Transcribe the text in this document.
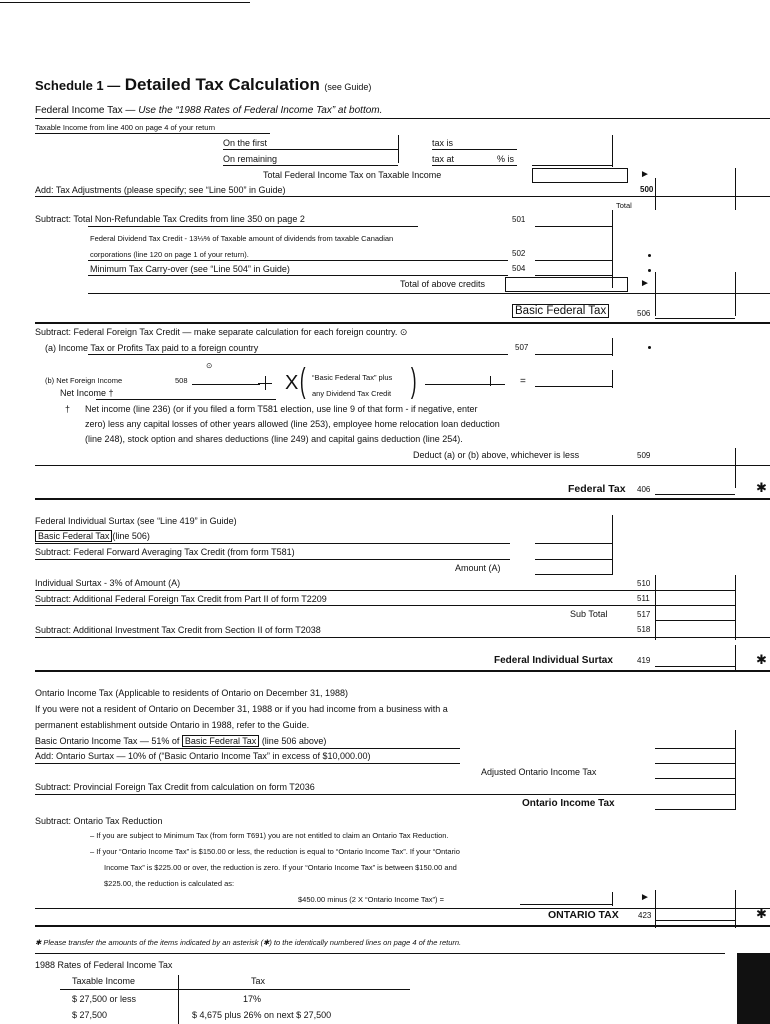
Schedule 1 — Detailed Tax Calculation (see Guide)
Federal Income Tax — Use the “1988 Rates of Federal Income Tax” at bottom.
Taxable Income from line 400 on page 4 of your return
On the first	tax is
On remaining	tax at	% is
Total Federal Income Tax on Taxable Income	►
Add: Tax Adjustments (please specify; see “Line 500” in Guide)	500
Total
Subtract: Total Non-Refundable Tax Credits from line 350 on page 2	501
Federal Dividend Tax Credit - 13⅓% of Taxable amount of dividends from taxable Canadian
corporations (line 120 on page 1 of your return).	502
Minimum Tax Carry-over (see “Line 504” in Guide)	504
Total of above credits	►
Basic Federal Tax	506
Subtract: Federal Foreign Tax Credit — make separate calculation for each foreign country. ⊙
(a) Income Tax or Profits Tax paid to a foreign country	507
⊙
(b) Net Foreign Income	508
Net Income †	X ( “Basic Federal Tax” plus
any Dividend Tax Credit )	=
† Net income (line 236) (or if you filed a form T581 election, use line 9 of that form - if negative, enter
zero) less any capital losses of other years allowed (line 253), employee home relocation loan deduction
(line 248), stock option and shares deductions (line 249) and capital gains deduction (line 254).
Deduct (a) or (b) above, whichever is less	509
Federal Tax 406	✱
Federal Individual Surtax (see “Line 419” in Guide)
Basic Federal Tax (line 506)
Subtract: Federal Forward Averaging Tax Credit (from form T581)
Amount (A)
Individual Surtax - 3% of Amount (A)	510
Subtract: Additional Federal Foreign Tax Credit from Part II of form T2209	511
Sub Total	517
Subtract: Additional Investment Tax Credit from Section II of form T2038	518
Federal Individual Surtax	419	✱
Ontario Income Tax (Applicable to residents of Ontario on December 31, 1988)
If you were not a resident of Ontario on December 31, 1988 or if you had income from a business with a
permanent establishment outside Ontario in 1988, refer to the Guide.
Basic Ontario Income Tax — 51% of Basic Federal Tax (line 506 above)
Add: Ontario Surtax — 10% of (“Basic Ontario Income Tax” in excess of $10,000.00)
Adjusted Ontario Income Tax
Subtract: Provincial Foreign Tax Credit from calculation on form T2036
Ontario Income Tax
Subtract: Ontario Tax Reduction
– If you are subject to Minimum Tax (from form T691) you are not entitled to claim an Ontario Tax Reduction.
– If your “Ontario Income Tax” is $150.00 or less, the reduction is equal to “Ontario Income Tax”. If your “Ontario
Income Tax” is $225.00 or over, the reduction is zero. If your “Ontario Income Tax” is between $150.00 and
$225.00, the reduction is calculated as:
$450.00 minus (2 X “Ontario Income Tax”) =	►
ONTARIO TAX 423	✱
✱ Please transfer the amounts of the items indicated by an asterisk (✱) to the identically numbered lines on page 4 of the return.
1988 Rates of Federal Income Tax
Taxable Income	Tax
$ 27,500 or less	17%
$ 27,500	$ 4,675 plus 26% on next $ 27,500
